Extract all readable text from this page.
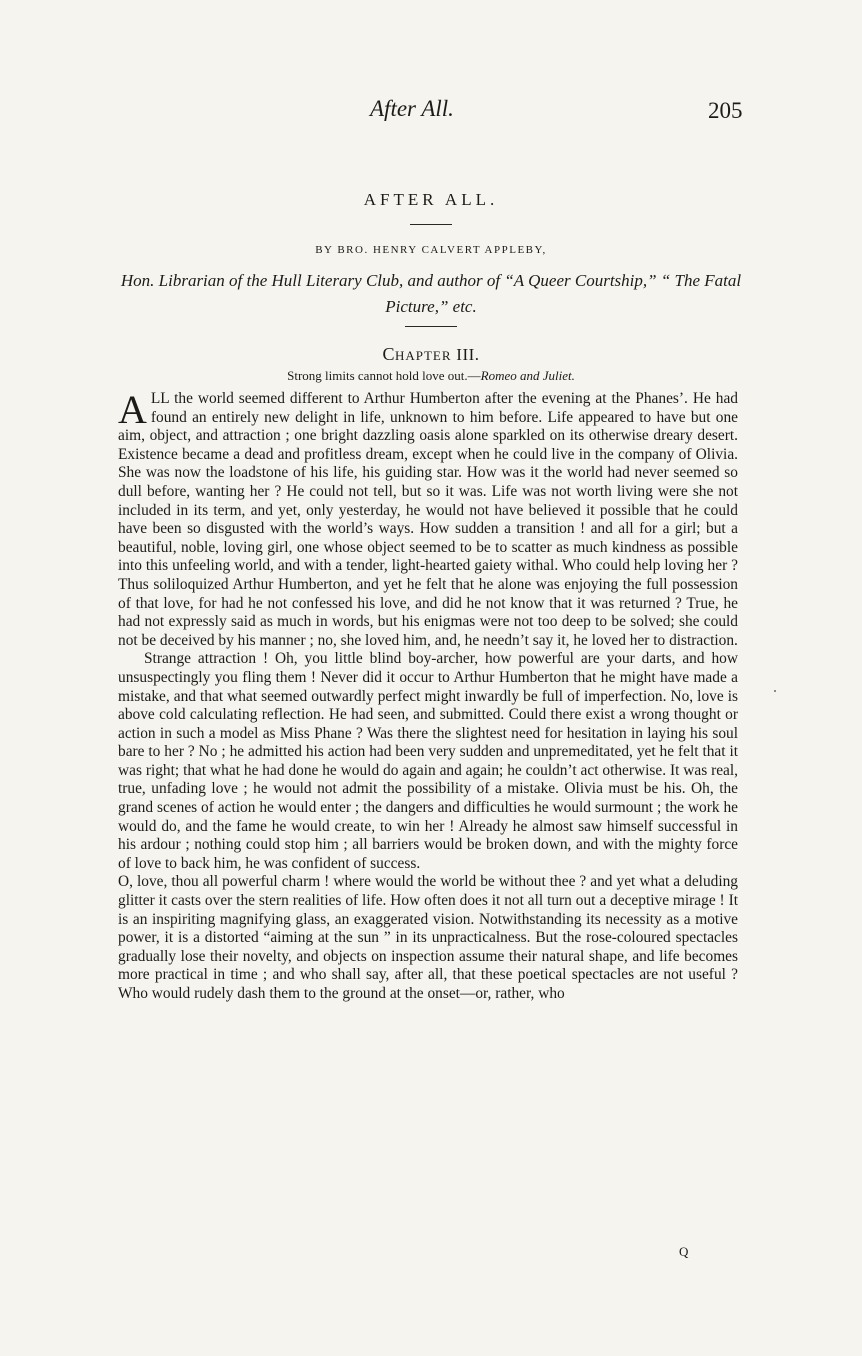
After All.	205
AFTER ALL.
BY BRO. HENRY CALVERT APPLEBY,
Hon. Librarian of the Hull Literary Club, and author of “A Queer Courtship,” “ The Fatal Picture,” etc.
CHAPTER III.
Strong limits cannot hold love out.—Romeo and Juliet.

ALL the world seemed different to Arthur Humberton after the evening at the Phanes’. He had found an entirely new delight in life, unknown to him before. Life appeared to have but one aim, object, and attraction ; one bright dazzling oasis alone sparkled on its otherwise dreary desert. Existence became a dead and profitless dream, except when he could live in the company of Olivia. She was now the loadstone of his life, his guiding star. How was it the world had never seemed so dull before, wanting her ? He could not tell, but so it was. Life was not worth living were she not included in its term, and yet, only yesterday, he would not have believed it possible that he could have been so disgusted with the world’s ways. How sudden a transition ! and all for a girl; but a beautiful, noble, loving girl, one whose object seemed to be to scatter as much kindness as possible into this unfeeling world, and with a tender, light-hearted gaiety withal. Who could help loving her ? Thus soliloquized Arthur Humberton, and yet he felt that he alone was enjoying the full possession of that love, for had he not confessed his love, and did he not know that it was returned ? True, he had not expressly said as much in words, but his enigmas were not too deep to be solved; she could not be deceived by his manner ; no, she loved him, and, he needn’t say it, he loved her to distraction.

Strange attraction ! Oh, you little blind boy-archer, how powerful are your darts, and how unsuspectingly you fling them ! Never did it occur to Arthur Humberton that he might have made a mistake, and that what seemed outwardly perfect might inwardly be full of imperfection. No, love is above cold calculating reflection. He had seen, and submitted. Could there exist a wrong thought or action in such a model as Miss Phane ? Was there the slightest need for hesitation in laying his soul bare to her ? No ; he admitted his action had been very sudden and unpremeditated, yet he felt that it was right; that what he had done he would do again and again; he couldn’t act otherwise. It was real, true, unfading love ; he would not admit the possibility of a mistake. Olivia must be his. Oh, the grand scenes of action he would enter ; the dangers and difficulties he would surmount ; the work he would do, and the fame he would create, to win her ! Already he almost saw himself successful in his ardour ; nothing could stop him ; all barriers would be broken down, and with the mighty force of love to back him, he was confident of success.

O, love, thou all powerful charm ! where would the world be without thee ? and yet what a deluding glitter it casts over the stern realities of life. How often does it not all turn out a deceptive mirage ! It is an inspiriting magnifying glass, an exaggerated vision. Notwithstanding its necessity as a motive power, it is a distorted “aiming at the sun ” in its unpracticalness. But the rose-coloured spectacles gradually lose their novelty, and objects on inspection assume their natural shape, and life becomes more practical in time ; and who shall say, after all, that these poetical spectacles are not useful ? Who would rudely dash them to the ground at the onset—or, rather, who

Q
